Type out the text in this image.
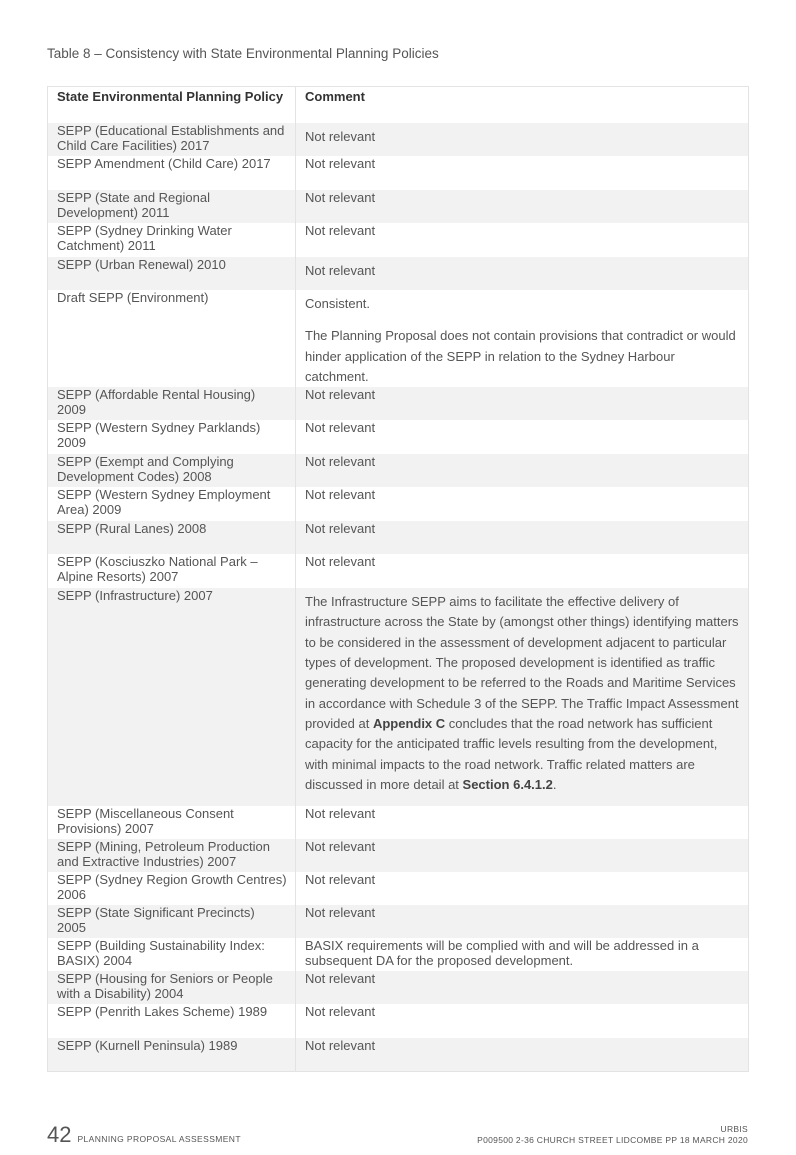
Table 8 – Consistency with State Environmental Planning Policies
State Environmental Planning Policy	Comment
SEPP (Educational Establishments and Child Care Facilities) 2017	Not relevant
SEPP Amendment (Child Care) 2017	Not relevant
SEPP (State and Regional Development) 2011	Not relevant
SEPP (Sydney Drinking Water Catchment) 2011	Not relevant
SEPP (Urban Renewal) 2010	Not relevant
Draft SEPP (Environment)	Consistent.

The Planning Proposal does not contain provisions that contradict or would hinder application of the SEPP in relation to the Sydney Harbour catchment.

SEPP (Affordable Rental Housing) 2009	Not relevant
SEPP (Western Sydney Parklands) 2009	Not relevant
SEPP (Exempt and Complying Development Codes) 2008	Not relevant
SEPP (Western Sydney Employment Area) 2009	Not relevant
SEPP (Rural Lanes) 2008	Not relevant
SEPP (Kosciuszko National Park – Alpine Resorts) 2007	Not relevant
SEPP (Infrastructure) 2007	The Infrastructure SEPP aims to facilitate the effective delivery of infrastructure across the State by (amongst other things) identifying matters to be considered in the assessment of development adjacent to particular types of development. The proposed development is identified as traffic generating development to be referred to the Roads and Maritime Services in accordance with Schedule 3 of the SEPP. The Traffic Impact Assessment provided at Appendix C concludes that the road network has sufficient capacity for the anticipated traffic levels resulting from the development, with minimal impacts to the road network. Traffic related matters are discussed in more detail at Section 6.4.1.2.

SEPP (Miscellaneous Consent Provisions) 2007	Not relevant
SEPP (Mining, Petroleum Production and Extractive Industries) 2007	Not relevant
SEPP (Sydney Region Growth Centres) 2006	Not relevant
SEPP (State Significant Precincts) 2005	Not relevant
SEPP (Building Sustainability Index: BASIX) 2004	BASIX requirements will be complied with and will be addressed in a subsequent DA for the proposed development.
SEPP (Housing for Seniors or People with a Disability) 2004	Not relevant
SEPP (Penrith Lakes Scheme) 1989	Not relevant
SEPP (Kurnell Peninsula) 1989	Not relevant
42 PLANNING PROPOSAL ASSESSMENT
URBIS
P009500 2-36 CHURCH STREET LIDCOMBE PP 18 MARCH 2020
